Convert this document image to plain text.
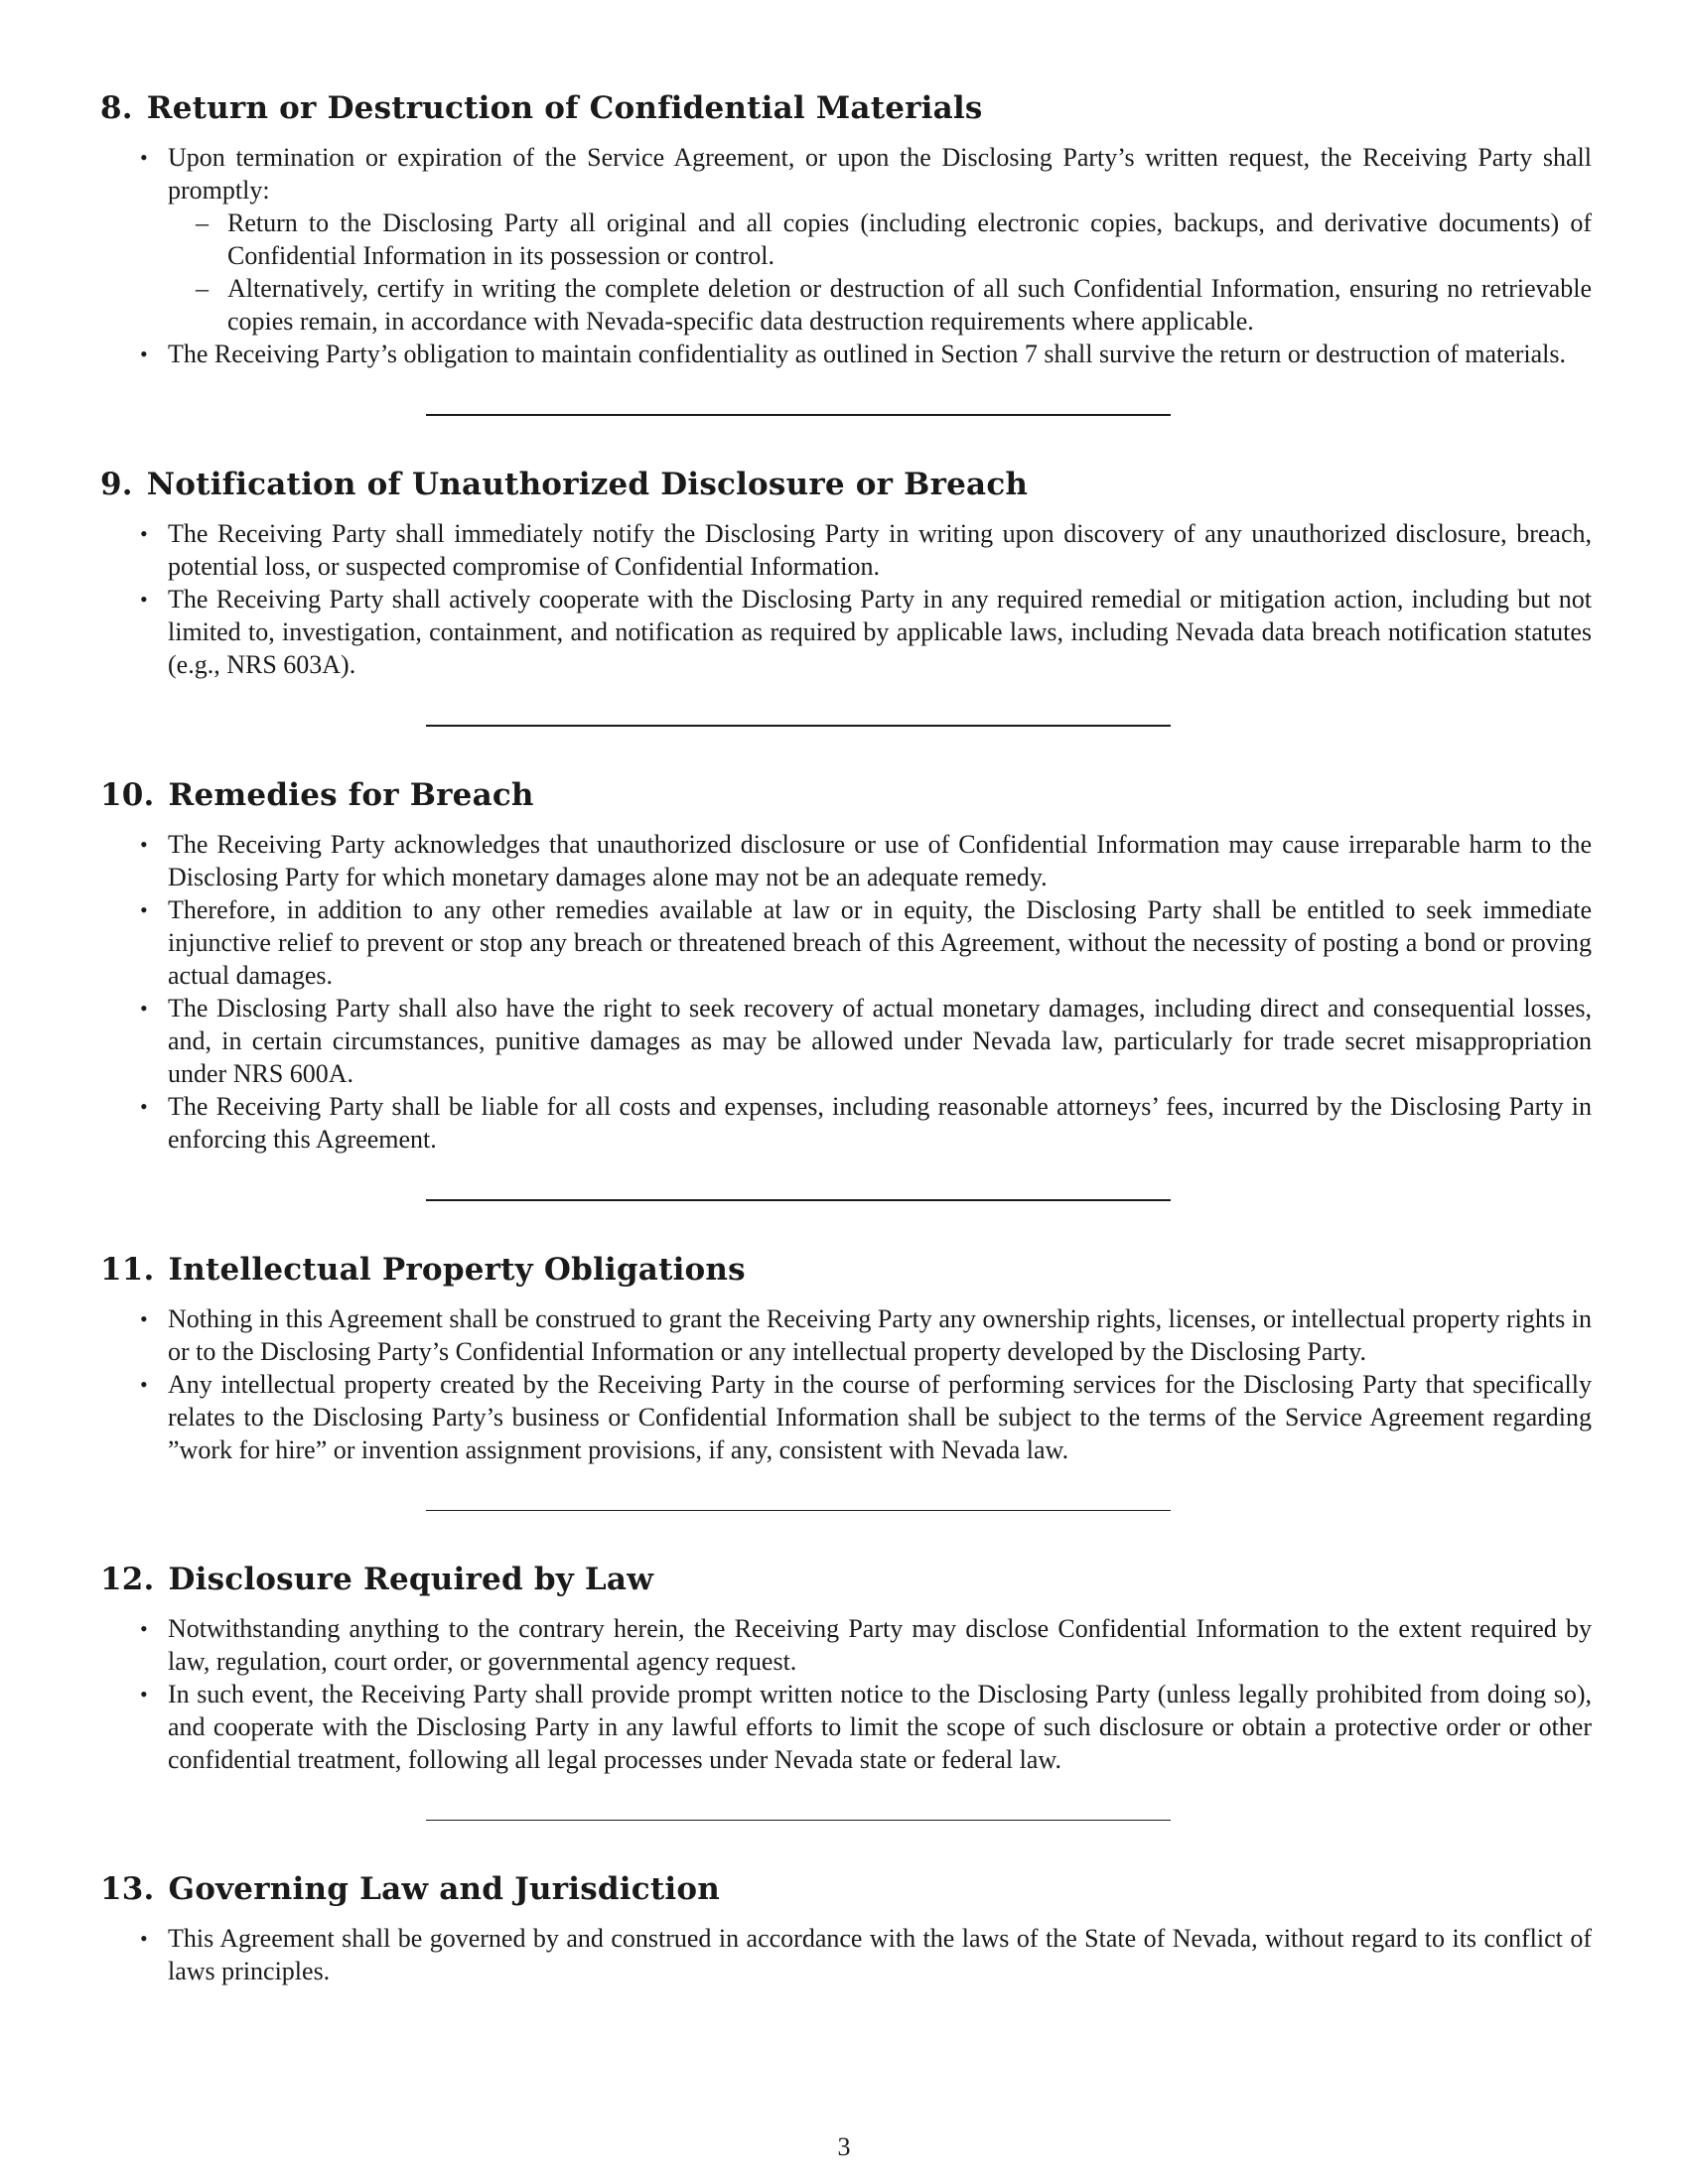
8. Return or Destruction of Confidential Materials
• Upon termination or expiration of the Service Agreement, or upon the Disclosing Party’s written request, the Receiving Party shall promptly:
– Return to the Disclosing Party all original and all copies (including electronic copies, backups, and derivative documents) of Confidential Information in its possession or control.
– Alternatively, certify in writing the complete deletion or destruction of all such Confidential Information, ensuring no retrievable copies remain, in accordance with Nevada-specific data destruction requirements where applicable.
• The Receiving Party’s obligation to maintain confidentiality as outlined in Section 7 shall survive the return or destruction of materials.
9. Notification of Unauthorized Disclosure or Breach
• The Receiving Party shall immediately notify the Disclosing Party in writing upon discovery of any unauthorized disclosure, breach, potential loss, or suspected compromise of Confidential Information.
• The Receiving Party shall actively cooperate with the Disclosing Party in any required remedial or mitigation action, including but not limited to, investigation, containment, and notification as required by applicable laws, including Nevada data breach notification statutes (e.g., NRS 603A).
10. Remedies for Breach
• The Receiving Party acknowledges that unauthorized disclosure or use of Confidential Information may cause irreparable harm to the Disclosing Party for which monetary damages alone may not be an adequate remedy.
• Therefore, in addition to any other remedies available at law or in equity, the Disclosing Party shall be entitled to seek immediate injunctive relief to prevent or stop any breach or threatened breach of this Agreement, without the necessity of posting a bond or proving actual damages.
• The Disclosing Party shall also have the right to seek recovery of actual monetary damages, including direct and consequential losses, and, in certain circumstances, punitive damages as may be allowed under Nevada law, particularly for trade secret misappropriation under NRS 600A.
• The Receiving Party shall be liable for all costs and expenses, including reasonable attorneys’ fees, incurred by the Disclosing Party in enforcing this Agreement.
11. Intellectual Property Obligations
• Nothing in this Agreement shall be construed to grant the Receiving Party any ownership rights, licenses, or intellectual property rights in or to the Disclosing Party’s Confidential Information or any intellectual property developed by the Disclosing Party.
• Any intellectual property created by the Receiving Party in the course of performing services for the Disclosing Party that specifically relates to the Disclosing Party’s business or Confidential Information shall be subject to the terms of the Service Agreement regarding ”work for hire” or invention assignment provisions, if any, consistent with Nevada law.
12. Disclosure Required by Law
• Notwithstanding anything to the contrary herein, the Receiving Party may disclose Confidential Information to the extent required by law, regulation, court order, or governmental agency request.
• In such event, the Receiving Party shall provide prompt written notice to the Disclosing Party (unless legally prohibited from doing so), and cooperate with the Disclosing Party in any lawful efforts to limit the scope of such disclosure or obtain a protective order or other confidential treatment, following all legal processes under Nevada state or federal law.
13. Governing Law and Jurisdiction
• This Agreement shall be governed by and construed in accordance with the laws of the State of Nevada, without regard to its conflict of laws principles.
3
